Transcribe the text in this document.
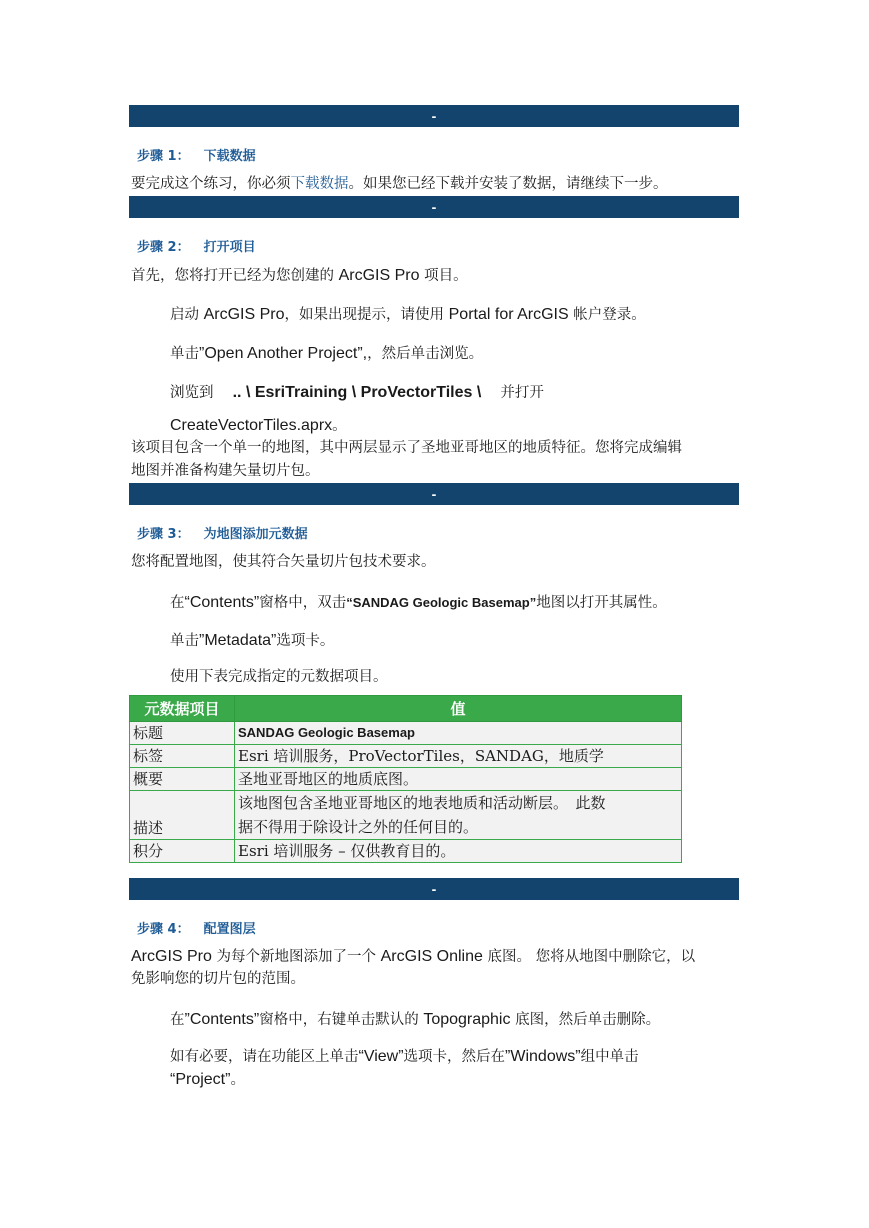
-
步骤 1： 下载数据
要完成这个练习，你必须下载数据。如果您已经下载并安装了数据，请继续下一步。
-
步骤 2： 打开项目
首先，您将打开已经为您创建的 ArcGIS Pro 项目。
启动 ArcGIS Pro，如果出现提示，请使用 Portal for ArcGIS 帐户登录。
单击”Open Another Project”,，然后单击浏览。
浏览到　 .. \ EsriTraining \ ProVectorTiles \　 并打开
CreateVectorTiles.aprx。
该项目包含一个单一的地图，其中两层显示了圣地亚哥地区的地质特征。您将完成编辑
地图并准备构建矢量切片包。
-
步骤 3： 为地图添加元数据
您将配置地图，使其符合矢量切片包技术要求。
在“Contents”窗格中，双击“SANDAG Geologic Basemap”地图以打开其属性。
单击”Metadata”选项卡。
使用下表完成指定的元数据项目。
元数据项目	值
标题	SANDAG Geologic Basemap
标签	Esri 培训服务，ProVectorTiles，SANDAG，地质学
概要	圣地亚哥地区的地质底图。
描述	该地图包含圣地亚哥地区的地表地质和活动断层。　此数
据不得用于除设计之外的任何目的。

积分	Esri 培训服务 – 仅供教育目的。
-
步骤 4： 配置图层
ArcGIS Pro 为每个新地图添加了一个 ArcGIS Online 底图。 您将从地图中删除它，以
免影响您的切片包的范围。
在”Contents”窗格中，右键单击默认的 Topographic 底图，然后单击删除。
如有必要，请在功能区上单击“View”选项卡，然后在”Windows”组中单击
“Project”。
